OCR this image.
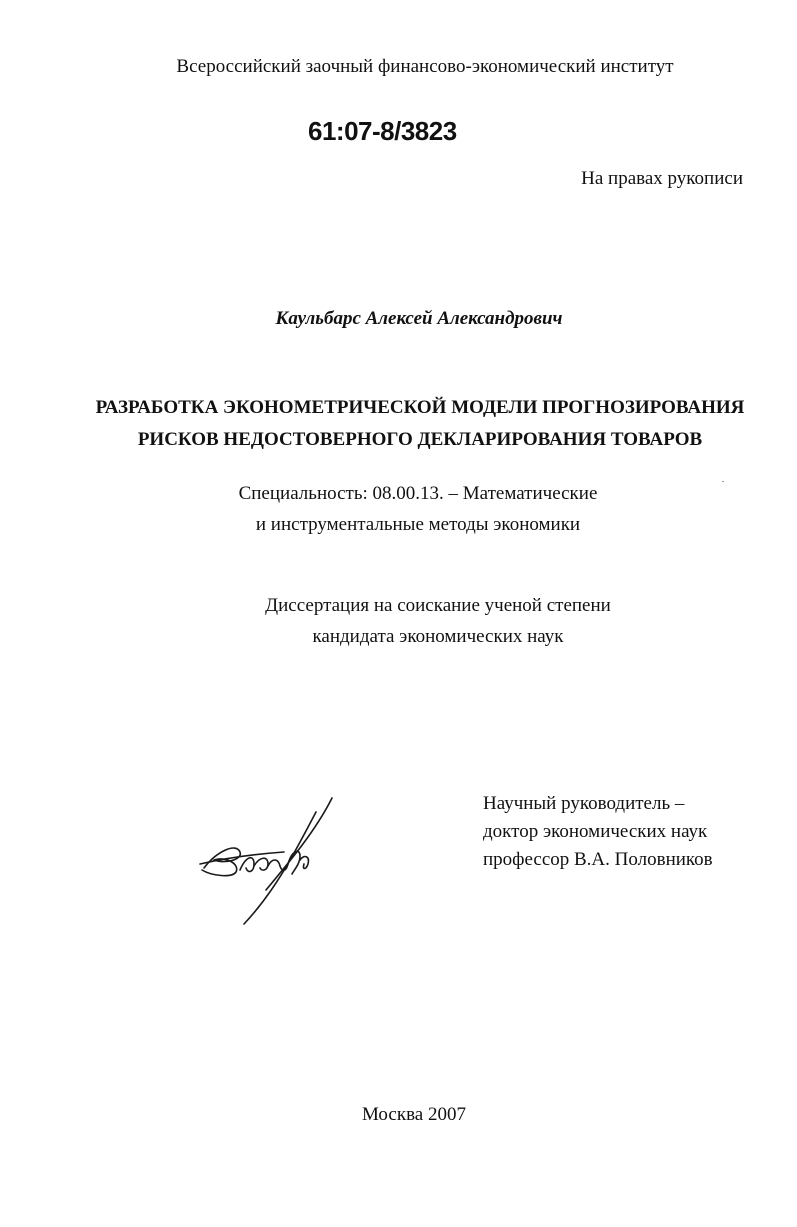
Всероссийский заочный финансово-экономический институт
61:07-8/3823
На правах рукописи
Каульбарс Алексей Александрович
РАЗРАБОТКА ЭКОНОМЕТРИЧЕСКОЙ МОДЕЛИ ПРОГНОЗИРОВАНИЯ
РИСКОВ НЕДОСТОВЕРНОГО ДЕКЛАРИРОВАНИЯ ТОВАРОВ
Специальность: 08.00.13. – Математические
и инструментальные методы экономики
Диссертация на соискание ученой степени
кандидата экономических наук
Научный руководитель –
доктор экономических наук
профессор В.А. Половников
Москва 2007
